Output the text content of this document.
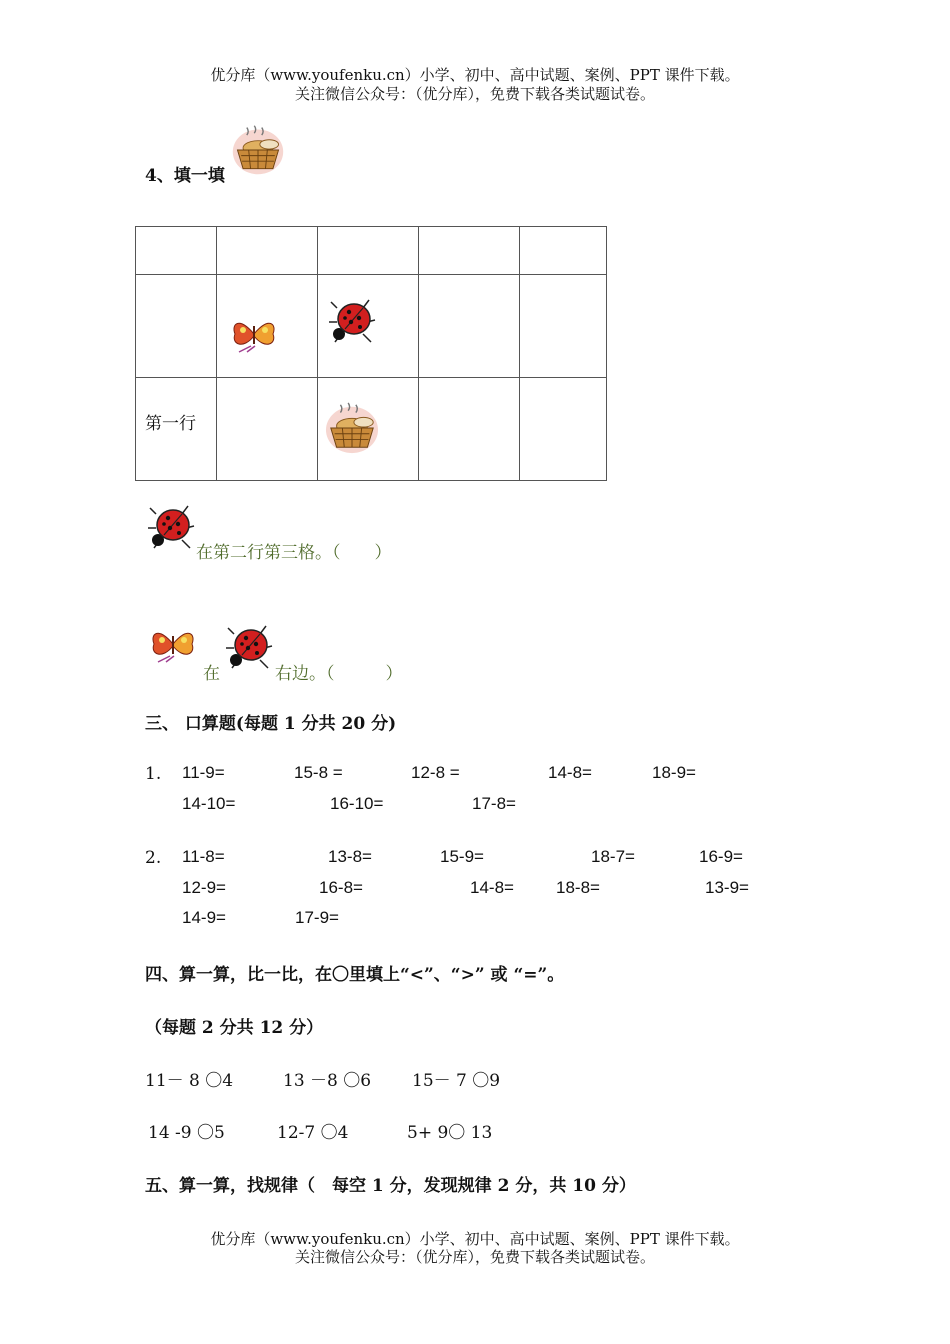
优分库（www.youfenku.cn）小学、初中、高中试题、案例、PPT 课件下载。
关注微信公众号：（优分库），免费下载各类试题试卷。
4、填一填

第一行				
在第二行第三格。（　　）
在	右边。（　　　）
三、 口算题(每题 1 分共 20 分)
1. 11-9=	15-8 =	12-8 =	14-8=	18-9=
14-10=	16-10=	17-8=
2. 11-8=	13-8=	15-9=	18-7=	16-9=
12-9=	16-8=	14-8= 18-8=	13-9=
14-9=	17-9=
四、算一算，比一比，在〇里填上“<”、“>” 或 “=”。
（每题 2 分共 12 分）
11－ 8 〇4	13 －8 〇6 15－ 7 〇9
14 -9 〇5	12-7 〇4	5+ 9〇 13
五、算一算，找规律（　每空 1 分，发现规律 2 分，共 10 分）
优分库（www.youfenku.cn）小学、初中、高中试题、案例、PPT 课件下载。
关注微信公众号：（优分库），免费下载各类试题试卷。
